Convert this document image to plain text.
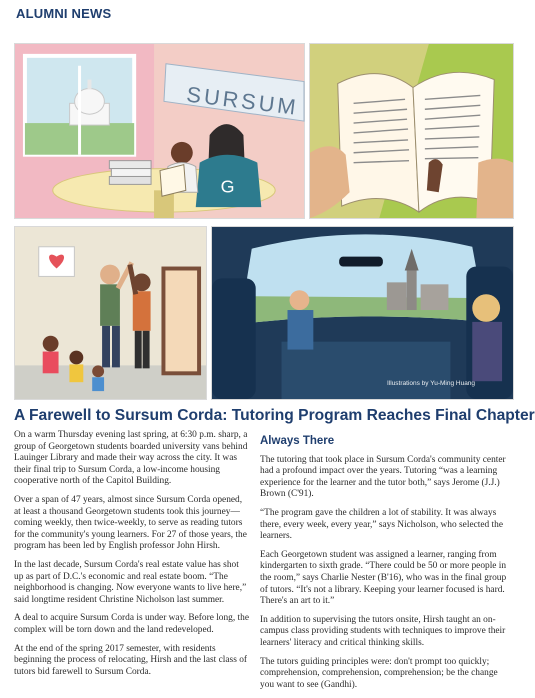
ALUMNI NEWS
SURSUM
G
Illustrations by Yu-Ming Huang
A Farewell to Sursum Corda: Tutoring Program Reaches Final Chapter

On a warm Thursday evening last spring, at 6:30 p.m. sharp, a group of Georgetown students boarded university vans behind Lauinger Library and made their way across the city. It was their final trip to Sursum Corda, a low-income housing cooperative north of the Capitol Building.

Over a span of 47 years, almost since Sursum Corda opened, at least a thousand Georgetown students took this journey—coming weekly, then twice-weekly, to serve as reading tutors for the community's young learners. For 27 of those years, the program has been led by English professor John Hirsh.

In the last decade, Sursum Corda's real estate value has shot up as part of D.C.'s economic and real estate boom. “The neighborhood is changing. Now everyone wants to live here,” said longtime resident Christine Nicholson last summer.

A deal to acquire Sursum Corda is under way. Before long, the complex will be torn down and the land redeveloped.

At the end of the spring 2017 semester, with residents beginning the process of relocating, Hirsh and the last class of tutors bid farewell to Sursum Corda.

Always There

The tutoring that took place in Sursum Corda's community center had a profound impact over the years. Tutoring “was a learning experience for the learner and the tutor both,” says Jerome (J.J.) Brown (C'91).

“The program gave the children a lot of stability. It was always there, every week, every year,” says Nicholson, who selected the learners.

Each Georgetown student was assigned a learner, ranging from kindergarten to sixth grade. “There could be 50 or more people in the room,” says Charlie Nester (B'16), who was in the final group of tutors. “It's not a library. Keeping your learner focused is hard. There's an art to it.”

In addition to supervising the tutors onsite, Hirsh taught an on-campus class providing students with techniques to improve their learners' literacy and critical thinking skills.

The tutors guiding principles were: don't prompt too quickly; comprehension, comprehension, comprehension; be the change you want to see (Gandhi).
